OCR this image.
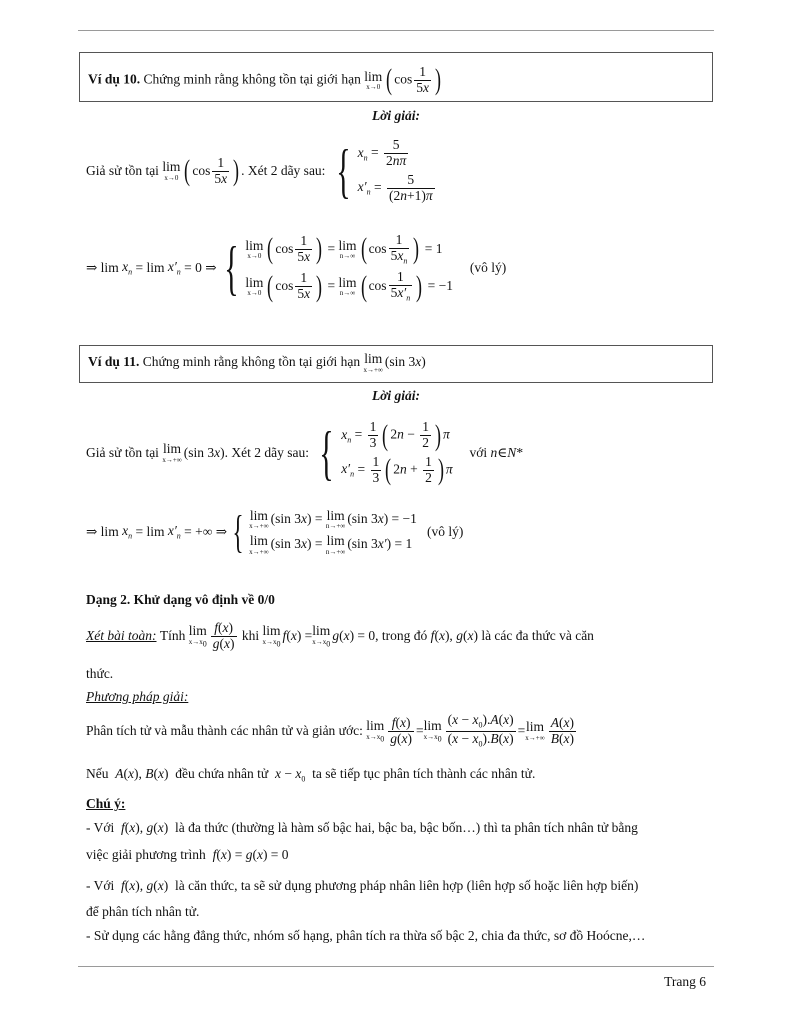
Ví dụ 10. Chứng minh rằng không tồn tại giới hạn lim
x→0 ( $\cos \frac{1}{5x}$ )
Lời giải:
Giả sử tồn tại
lim
x→0 ( $\cos \frac{1}{5x}$ ) . Xét 2 dãy sau:
{ $x_n = \frac{5}{2n\pi}$
$x'_n = \frac{5}{(2n+1)\pi}$
⇒ $\lim x_n = \lim x'_n = 0$ ⇒ { lim
x→0 ( $\cos \frac{1}{5x}$ ) = lim
n→∞ ( $\cos \frac{1}{5x_n}$ ) = 1
lim
x→0 ( $\cos \frac{1}{5x}$ ) = lim
n→∞ ( $\cos \frac{1}{5x'_n}$ ) = −1

(vô lý)
Ví dụ 11. Chứng minh rằng không tồn tại giới hạn lim
x→+∞
(sin 3x)
Lời giải:
Giả sử tồn tại
lim
x→+∞ (sin 3 x ) . Xét 2 dãy sau:
{ $x_n = \frac{1}{3}$ ( $2n - \frac{1}{2}$ ) π
$x'_n = \frac{1}{3}$ ( $2n + \frac{1}{2}$ ) π

với
n ∈ N *
⇒ $\lim x_n = \lim x'_n$ = +∞ ⇒ { lim
x→+∞
(sin 3x) = lim
n→+∞
(sin 3x) = −1
lim
x→+∞
(sin 3x) = lim
n→+∞
(sin 3x′) = 1

(vô lý)
Dạng 2. Khử dạng vô định về 0/0
Xét bài toàn:
Tính
lim
$x\to x_0 \frac{f(x)}{g(x)}$
khi
lim
$x\to x_0$
f ( x ) = lim
$x\to x_0$
g ( x ) = 0 , trong đó
f ( x ), g ( x ) là các đa thức và căn
thức.
Phương pháp giải:
Phân tích tử và mẫu thành các nhân tử và giản ước:
lim
$x\to x_0 \frac{f(x)}{g(x)} = \lim$
$x\to x_0 \frac{(x - x_0).A(x)}{(x - x_0).B(x)} = \lim$
$x\to+\infty \frac{A(x)}{B(x)}$
Nếu A(x), B(x)  đều chứa nhân tử $x - x_0$ ta sẽ tiếp tục phân tích thành các nhân tử.
Chú ý:
- Với f(x), g(x)  là đa thức (thường là hàm số bậc hai, bậc ba, bậc bốn…) thì ta phân tích nhân tử bằng
việc giải phương trình f(x) = g(x) = 0
- Với f(x), g(x)  là căn thức, ta sẽ sử dụng phương pháp nhân liên hợp (liên hợp số hoặc liên hợp biến)
để phân tích nhân tử.
- Sử dụng các hằng đẳng thức, nhóm số hạng, phân tích ra thừa số bậc 2, chia đa thức, sơ đồ Hoócne,…
Trang 6
